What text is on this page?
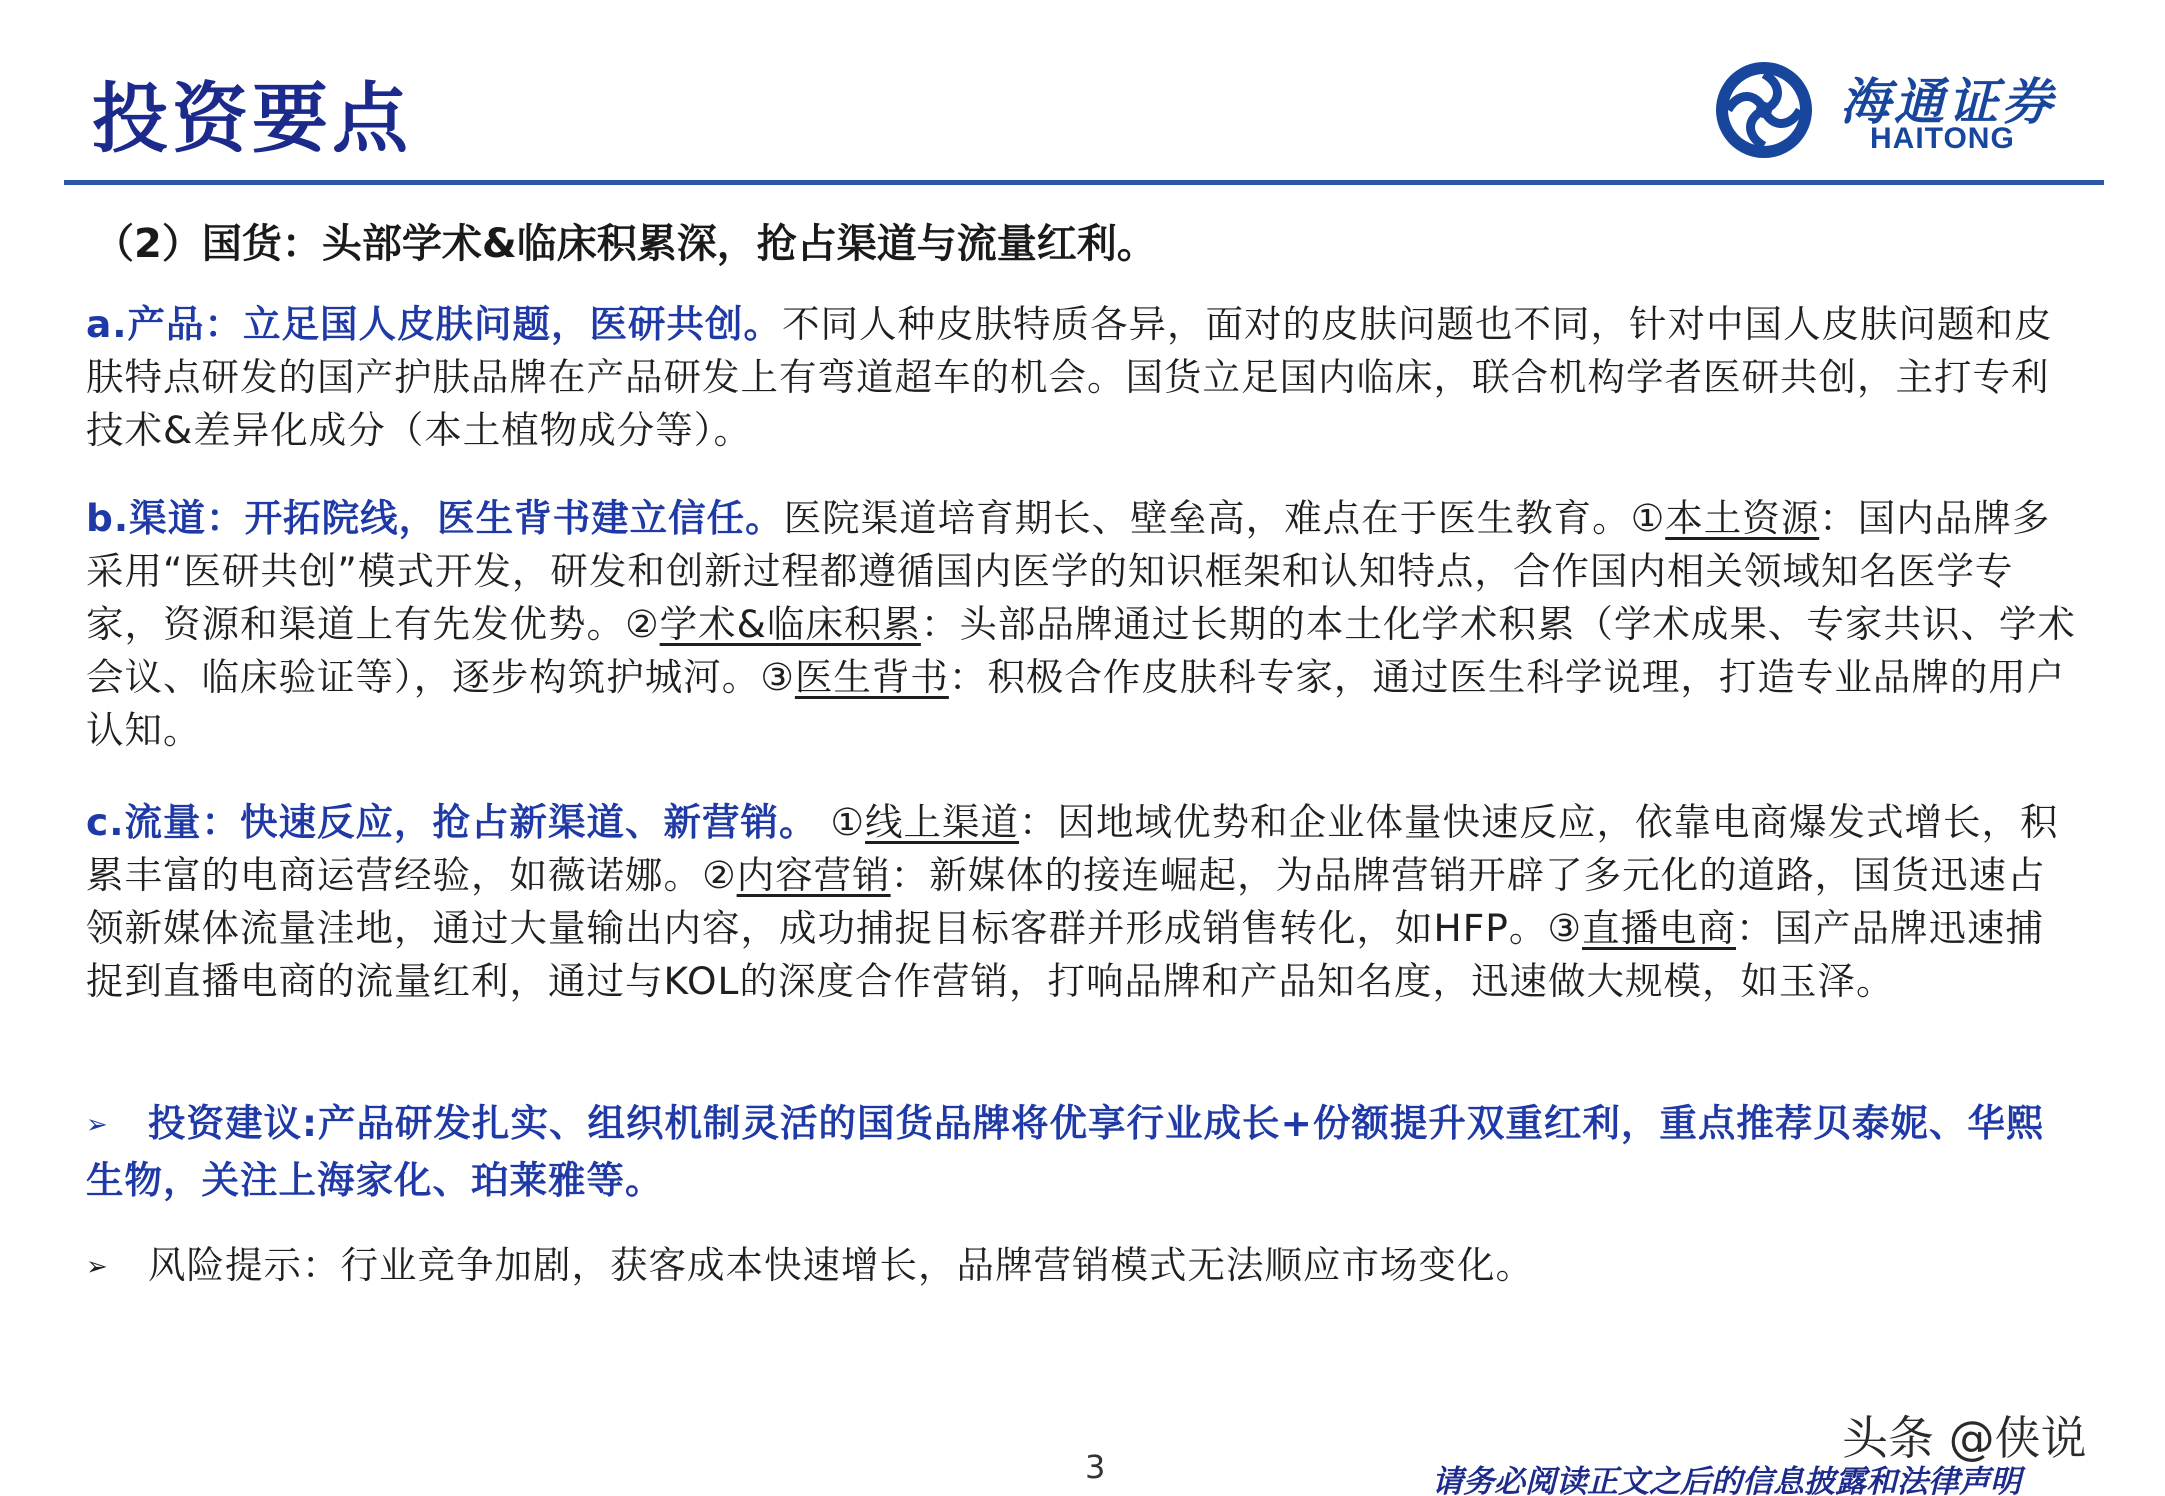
投资要点	海通证券
HAITONG
（2）国货：头部学术&临床积累深，抢占渠道与流量红利。
a.产品：立足国人皮肤问题，医研共创。不同人种皮肤特质各异，面对的皮肤问题也不同，针对中国人皮肤问题和皮肤特点研发的国产护肤品牌在产品研发上有弯道超车的机会。国货立足国内临床，联合机构学者医研共创，主打专利技术&差异化成分（本土植物成分等）。
b.渠道：开拓院线，医生背书建立信任。医院渠道培育期长、壁垒高，难点在于医生教育。①本土资源：国内品牌多采用“医研共创”模式开发，研发和创新过程都遵循国内医学的知识框架和认知特点，合作国内相关领域知名医学专家，资源和渠道上有先发优势。②学术&临床积累：头部品牌通过长期的本土化学术积累（学术成果、专家共识、学术会议、临床验证等），逐步构筑护城河。③医生背书：积极合作皮肤科专家，通过医生科学说理，打造专业品牌的用户认知。
c.流量：快速反应，抢占新渠道、新营销。 ①线上渠道：因地域优势和企业体量快速反应，依靠电商爆发式增长，积累丰富的电商运营经验，如薇诺娜。②内容营销：新媒体的接连崛起，为品牌营销开辟了多元化的道路，国货迅速占领新媒体流量洼地，通过大量输出内容，成功捕捉目标客群并形成销售转化，如HFP。③直播电商：国产品牌迅速捕捉到直播电商的流量红利，通过与KOL的深度合作营销，打响品牌和产品知名度，迅速做大规模，如玉泽。
➢ 投资建议:产品研发扎实、组织机制灵活的国货品牌将优享行业成长+份额提升双重红利，重点推荐贝泰妮、华熙生物，关注上海家化、珀莱雅等。
➢ 风险提示：行业竞争加剧，获客成本快速增长，品牌营销模式无法顺应市场变化。
头条 @侠说
3	请务必阅读正文之后的信息披露和法律声明
